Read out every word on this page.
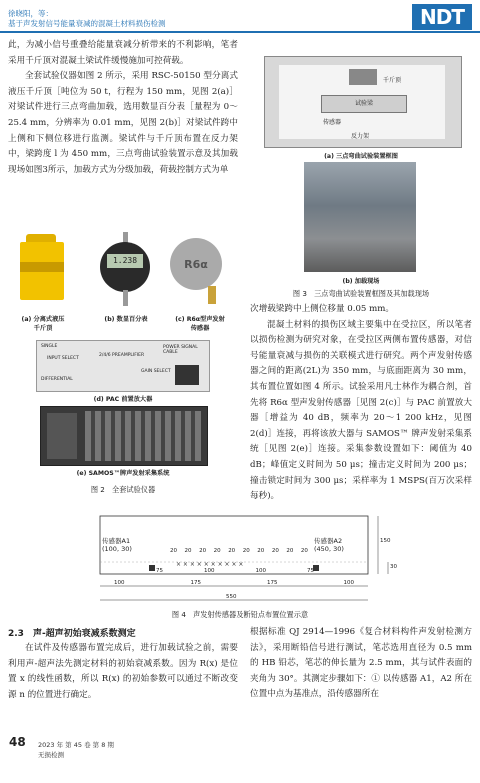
徐晓阳，等：
基于声发射信号能量衰减的混凝土材料损伤检测	NDT

此，为减小信号重叠给能量衰减分析带来的不利影响，笔者采用千斤顶对混凝土梁试件缓慢施加可控荷载。

全套试验仪器如图 2 所示，采用 RSC-50150 型分离式液压千斤顶［吨位为 50 t，行程为 150 mm，见图 2(a)］对梁试件进行三点弯曲加载，选用数显百分表［量程为 0～25.4 mm，分辨率为 0.01 mm，见图 2(b)］对梁试件跨中上侧和下侧位移进行监测。梁试件与千斤顶布置在反力架中，梁跨度 l 为 450 mm，三点弯曲试验装置示意及其加载现场如图3所示，加载方式为分级加载，荷载控制方式为单

1.238	R6α
(a) 分离式液压
千斤顶
(b) 数显百分表	(c) R6α型声发射
传感器
SINGLE
INPUT SELECT
DIFFERENTIAL
2/4/6 PREAMPLIFIER
POWER SIGNAL CABLE
GAIN SELECT
(d) PAC 前置放大器
(e) SAMOS™牌声发射采集系统
图 2　全套试验仪器
千斤顶
试验梁
传感器
反力架
(a) 三点弯曲试验装置框图
(b) 加载现场
图 3　三点弯曲试验装置框图及其加载现场

次增载梁跨中上侧位移量 0.05 mm。

混凝土材料的损伤区域主要集中在受拉区，所以笔者以损伤检测为研究对象，在受拉区两侧布置传感器，对信号能量衰减与损伤的关联模式进行研究。两个声发射传感器之间的距离(2L)为 350 mm，与底面距离为 30 mm，其布置位置如图 4 所示。试验采用凡士林作为耦合剂，首先将 R6α 型声发射传感器［见图 2(c)］与 PAC 前置放大器［增益为 40 dB，频率为 20～1 200 kHz，见图 2(d)］连接，再将该放大器与 SAMOS™ 牌声发射采集系统［见图 2(e)］连接。采集参数设置如下：阈值为 40 dB；峰值定义时间为 50 μs；撞击定义时间为 200 μs；撞击锁定时间为 300 μs；采样率为 1 MSPS(百万次采样每秒)。

× × × × × × × × × ×
传感器A1
(100, 30)
传感器A2
(450, 30)
20 20 20 20 20 20 20 20 20 20
75	100	100	75
100	175	175	100
550
150
30
图 4　声发射传感器及断铅点布置位置示意
2.3　声-超声初始衰减系数测定

在试件及传感器布置完成后，进行加载试验之前，需要利用声-超声法先测定材料的初始衰减系数。因为 R(x) 是位置 x 的线性函数，所以 R(x) 的初始参数可以通过不断改变源 n 的位置进行确定。

根据标准 QJ 2914—1996《复合材料构件声发射检测方法》，采用断铅信号进行测试，笔芯选用直径为 0.5 mm 的 HB 铅芯，笔芯的伸长量为 2.5 mm，其与试件表面的夹角为 30°。其测定步骤如下：① 以传感器 A1，A2 所在位置中点为基准点，沿传感器所在

48 2023 年 第 45 卷 第 8 期
无损检测
